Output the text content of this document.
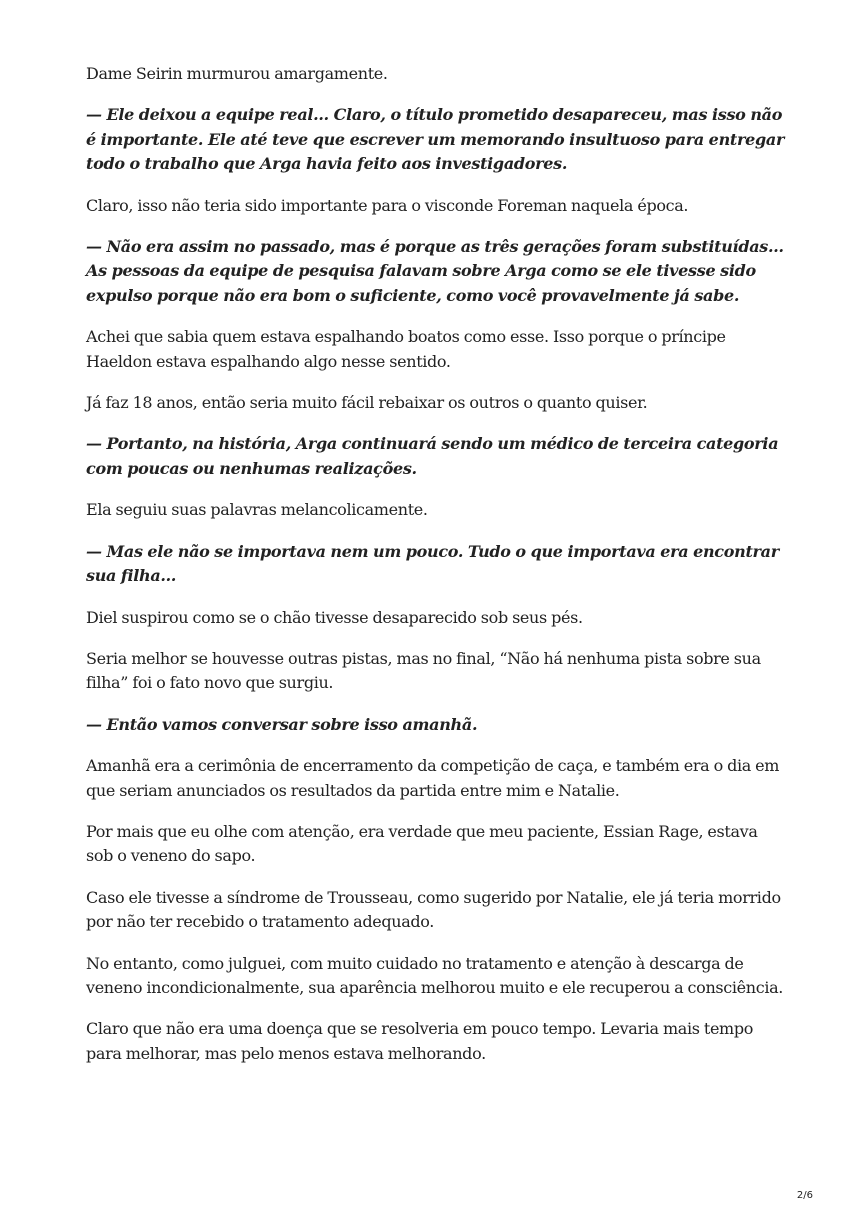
Dame Seirin murmurou amargamente.

— Ele deixou a equipe real… Claro, o título prometido desapareceu, mas isso não é importante. Ele até teve que escrever um memorando insultuoso para entregar todo o trabalho que Arga havia feito aos investigadores.

Claro, isso não teria sido importante para o visconde Foreman naquela época.

— Não era assim no passado, mas é porque as três gerações foram substituídas… As pessoas da equipe de pesquisa falavam sobre Arga como se ele tivesse sido expulso porque não era bom o suficiente, como você provavelmente já sabe.

Achei que sabia quem estava espalhando boatos como esse. Isso porque o príncipe Haeldon estava espalhando algo nesse sentido.

Já faz 18 anos, então seria muito fácil rebaixar os outros o quanto quiser.

— Portanto, na história, Arga continuará sendo um médico de terceira categoria com poucas ou nenhumas realizações.

Ela seguiu suas palavras melancolicamente.

— Mas ele não se importava nem um pouco. Tudo o que importava era encontrar sua filha…

Diel suspirou como se o chão tivesse desaparecido sob seus pés.

Seria melhor se houvesse outras pistas, mas no final, “Não há nenhuma pista sobre sua filha” foi o fato novo que surgiu.

— Então vamos conversar sobre isso amanhã.

Amanhã era a cerimônia de encerramento da competição de caça, e também era o dia em que seriam anunciados os resultados da partida entre mim e Natalie.

Por mais que eu olhe com atenção, era verdade que meu paciente, Essian Rage, estava sob o veneno do sapo.

Caso ele tivesse a síndrome de Trousseau, como sugerido por Natalie, ele já teria morrido por não ter recebido o tratamento adequado.

No entanto, como julguei, com muito cuidado no tratamento e atenção à descarga de veneno incondicionalmente, sua aparência melhorou muito e ele recuperou a consciência.

Claro que não era uma doença que se resolveria em pouco tempo. Levaria mais tempo para melhorar, mas pelo menos estava melhorando.

2/6
